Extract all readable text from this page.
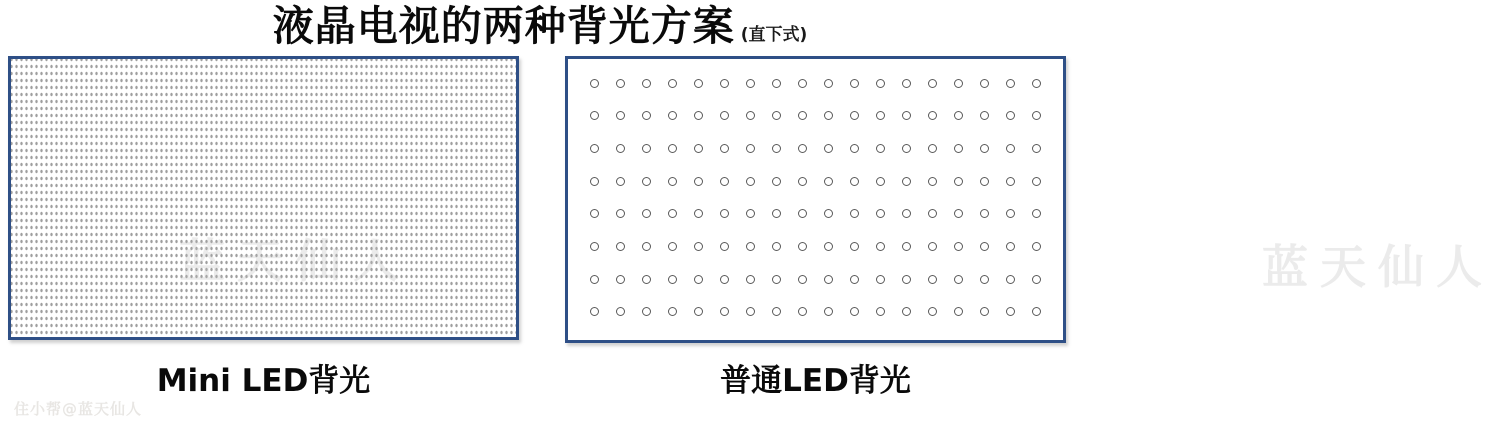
液晶电视的两种背光方案 (直下式)
蓝天仙人	蓝天仙人
Mini LED背光	普通LED背光
住小帮@蓝天仙人
